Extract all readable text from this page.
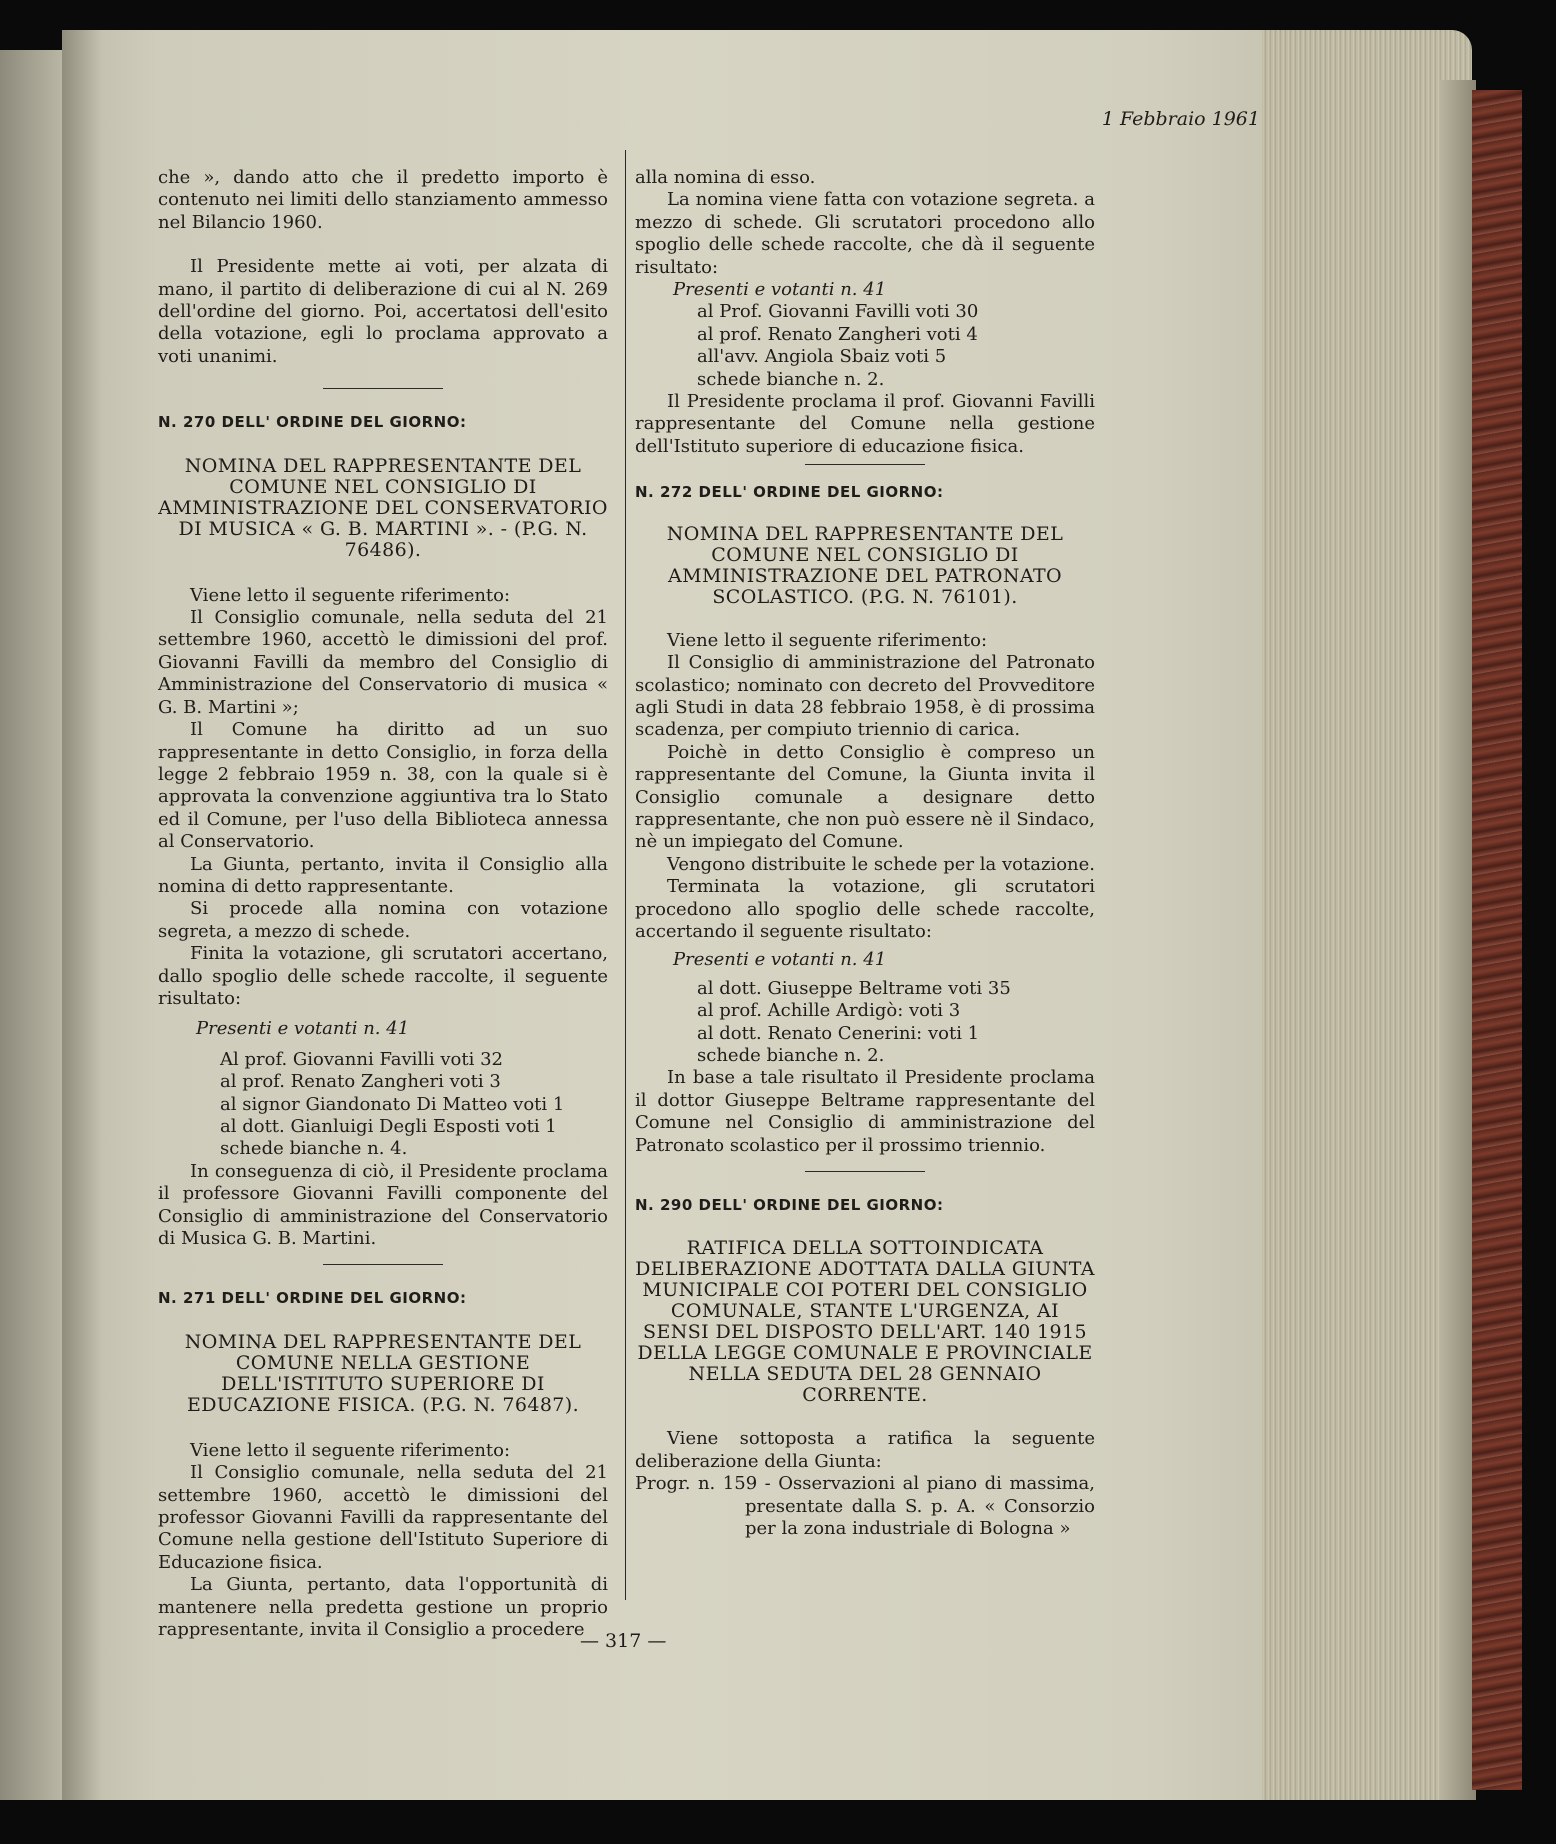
1 Febbraio 1961

che », dando atto che il predetto importo è contenuto nei limiti dello stanziamento ammesso nel Bilancio 1960.

Il Presidente mette ai voti, per alzata di mano, il partito di deliberazione di cui al N. 269 dell'ordine del giorno. Poi, accertatosi dell'esito della votazione, egli lo proclama approvato a voti unanimi.

N. 270 DELL' ORDINE DEL GIORNO:

NOMINA DEL RAPPRESENTANTE DEL COMUNE NEL CONSIGLIO DI AMMINISTRAZIONE DEL CONSERVATORIO DI MUSICA « G. B. MARTINI ». - (P.G. N. 76486).

Viene letto il seguente riferimento:

Il Consiglio comunale, nella seduta del 21 settembre 1960, accettò le dimissioni del prof. Giovanni Favilli da membro del Consiglio di Amministrazione del Conservatorio di musica « G. B. Martini »;

Il Comune ha diritto ad un suo rappresentante in detto Consiglio, in forza della legge 2 febbraio 1959 n. 38, con la quale si è approvata la convenzione aggiuntiva tra lo Stato ed il Comune, per l'uso della Biblioteca annessa al Conservatorio.

La Giunta, pertanto, invita il Consiglio alla nomina di detto rappresentante.

Si procede alla nomina con votazione segreta, a mezzo di schede.

Finita la votazione, gli scrutatori accertano, dallo spoglio delle schede raccolte, il seguente risultato:

Presenti e votanti n. 41

Al prof. Giovanni Favilli voti 32

al prof. Renato Zangheri voti 3

al signor Giandonato Di Matteo voti 1

al dott. Gianluigi Degli Esposti voti 1

schede bianche n. 4.

In conseguenza di ciò, il Presidente proclama il professore Giovanni Favilli componente del Consiglio di amministrazione del Conservatorio di Musica G. B. Martini.

N. 271 DELL' ORDINE DEL GIORNO:

NOMINA DEL RAPPRESENTANTE DEL COMUNE NELLA GESTIONE DELL'ISTITUTO SUPERIORE DI EDUCAZIONE FISICA. (P.G. N. 76487).

Viene letto il seguente riferimento:

Il Consiglio comunale, nella seduta del 21 settembre 1960, accettò le dimissioni del professor Giovanni Favilli da rappresentante del Comune nella gestione dell'Istituto Superiore di Educazione fisica.

La Giunta, pertanto, data l'opportunità di mantenere nella predetta gestione un proprio rappresentante, invita il Consiglio a procedere

alla nomina di esso.

La nomina viene fatta con votazione segreta. a mezzo di schede. Gli scrutatori procedono allo spoglio delle schede raccolte, che dà il seguente risultato:

Presenti e votanti n. 41

al Prof. Giovanni Favilli voti 30

al prof. Renato Zangheri voti 4

all'avv. Angiola Sbaiz voti 5

schede bianche n. 2.

Il Presidente proclama il prof. Giovanni Favilli rappresentante del Comune nella gestione dell'Istituto superiore di educazione fisica.

N. 272 DELL' ORDINE DEL GIORNO:

NOMINA DEL RAPPRESENTANTE DEL COMUNE NEL CONSIGLIO DI AMMINISTRAZIONE DEL PATRONATO SCOLASTICO. (P.G. N. 76101).

Viene letto il seguente riferimento:

Il Consiglio di amministrazione del Patronato scolastico; nominato con decreto del Provveditore agli Studi in data 28 febbraio 1958, è di prossima scadenza, per compiuto triennio di carica.

Poichè in detto Consiglio è compreso un rappresentante del Comune, la Giunta invita il Consiglio comunale a designare detto rappresentante, che non può essere nè il Sindaco, nè un impiegato del Comune.

Vengono distribuite le schede per la votazione.

Terminata la votazione, gli scrutatori procedono allo spoglio delle schede raccolte, accertando il seguente risultato:

Presenti e votanti n. 41

al dott. Giuseppe Beltrame voti 35

al prof. Achille Ardigò: voti 3

al dott. Renato Cenerini: voti 1

schede bianche n. 2.

In base a tale risultato il Presidente proclama il dottor Giuseppe Beltrame rappresentante del Comune nel Consiglio di amministrazione del Patronato scolastico per il prossimo triennio.

N. 290 DELL' ORDINE DEL GIORNO:

RATIFICA DELLA SOTTOINDICATA DELIBERAZIONE ADOTTATA DALLA GIUNTA MUNICIPALE COI POTERI DEL CONSIGLIO COMUNALE, STANTE L'URGENZA, AI SENSI DEL DISPOSTO DELL'ART. 140 1915 DELLA LEGGE COMUNALE E PROVINCIALE NELLA SEDUTA DEL 28 GENNAIO CORRENTE.

Viene sottoposta a ratifica la seguente deliberazione della Giunta:

Progr. n. 159 - Osservazioni al piano di massima, presentate dalla S. p. A. « Consorzio per la zona industriale di Bologna »

— 317 —
